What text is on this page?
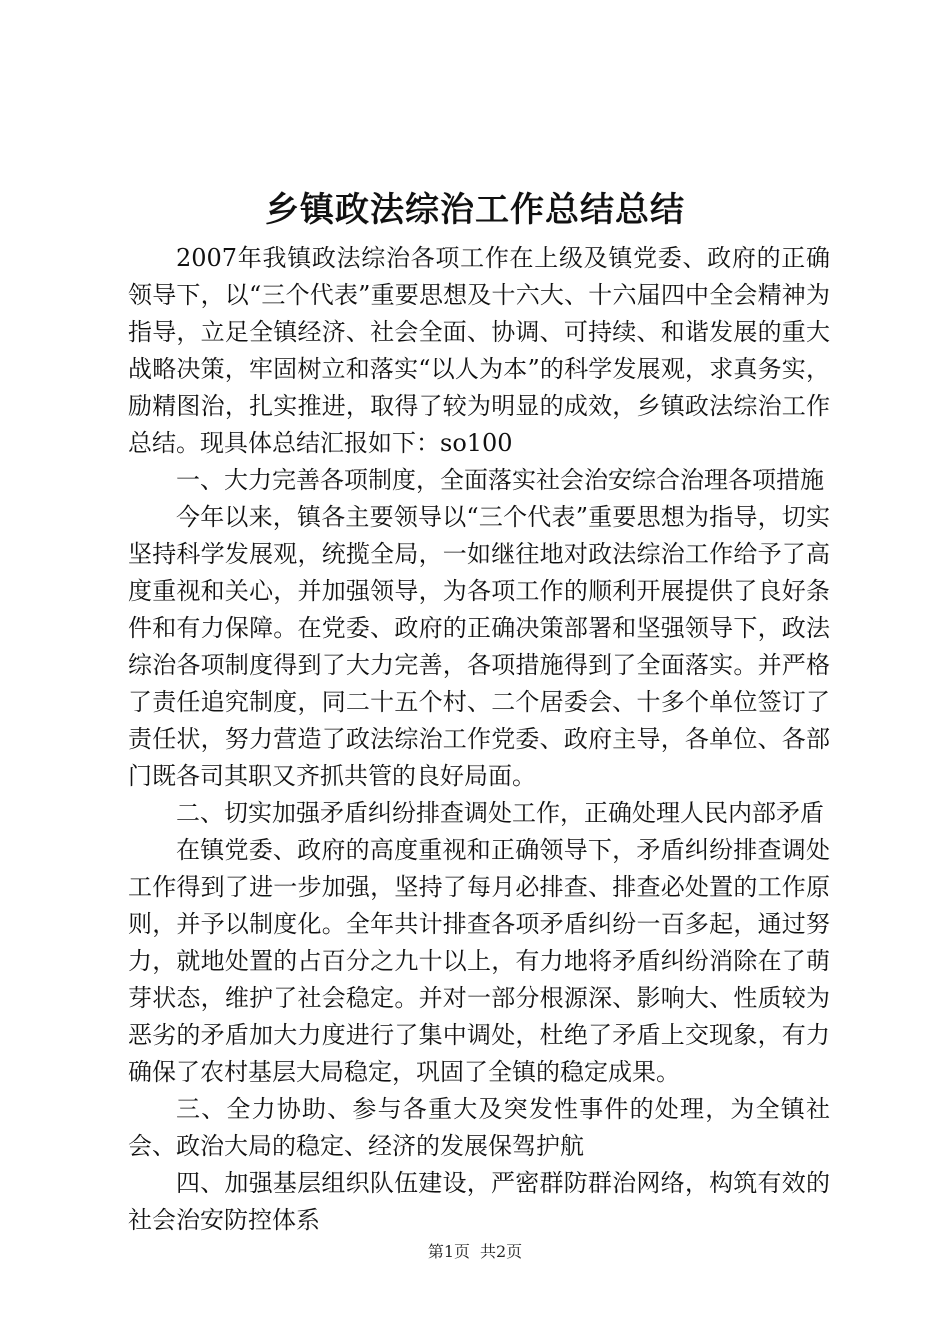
乡镇政法综治工作总结总结

2007年我镇政法综治各项工作在上级及镇党委、政府的正确领导下，以“三个代表”重要思想及十六大、十六届四中全会精神为指导，立足全镇经济、社会全面、协调、可持续、和谐发展的重大战略决策，牢固树立和落实“以人为本”的科学发展观，求真务实，励精图治，扎实推进，取得了较为明显的成效，乡镇政法综治工作总结。现具体总结汇报如下：so100

一、大力完善各项制度，全面落实社会治安综合治理各项措施

今年以来，镇各主要领导以“三个代表”重要思想为指导，切实坚持科学发展观，统揽全局，一如继往地对政法综治工作给予了高度重视和关心，并加强领导，为各项工作的顺利开展提供了良好条件和有力保障。在党委、政府的正确决策部署和坚强领导下，政法综治各项制度得到了大力完善，各项措施得到了全面落实。并严格了责任追究制度，同二十五个村、二个居委会、十多个单位签订了责任状，努力营造了政法综治工作党委、政府主导，各单位、各部门既各司其职又齐抓共管的良好局面。

二、切实加强矛盾纠纷排查调处工作，正确处理人民内部矛盾

在镇党委、政府的高度重视和正确领导下，矛盾纠纷排查调处工作得到了进一步加强，坚持了每月必排查、排查必处置的工作原则，并予以制度化。全年共计排查各项矛盾纠纷一百多起，通过努力，就地处置的占百分之九十以上，有力地将矛盾纠纷消除在了萌芽状态，维护了社会稳定。并对一部分根源深、影响大、性质较为恶劣的矛盾加大力度进行了集中调处，杜绝了矛盾上交现象，有力确保了农村基层大局稳定，巩固了全镇的稳定成果。

三、全力协助、参与各重大及突发性事件的处理，为全镇社会、政治大局的稳定、经济的发展保驾护航

四、加强基层组织队伍建设，严密群防群治网络，构筑有效的社会治安防控体系

第1页 共2页
